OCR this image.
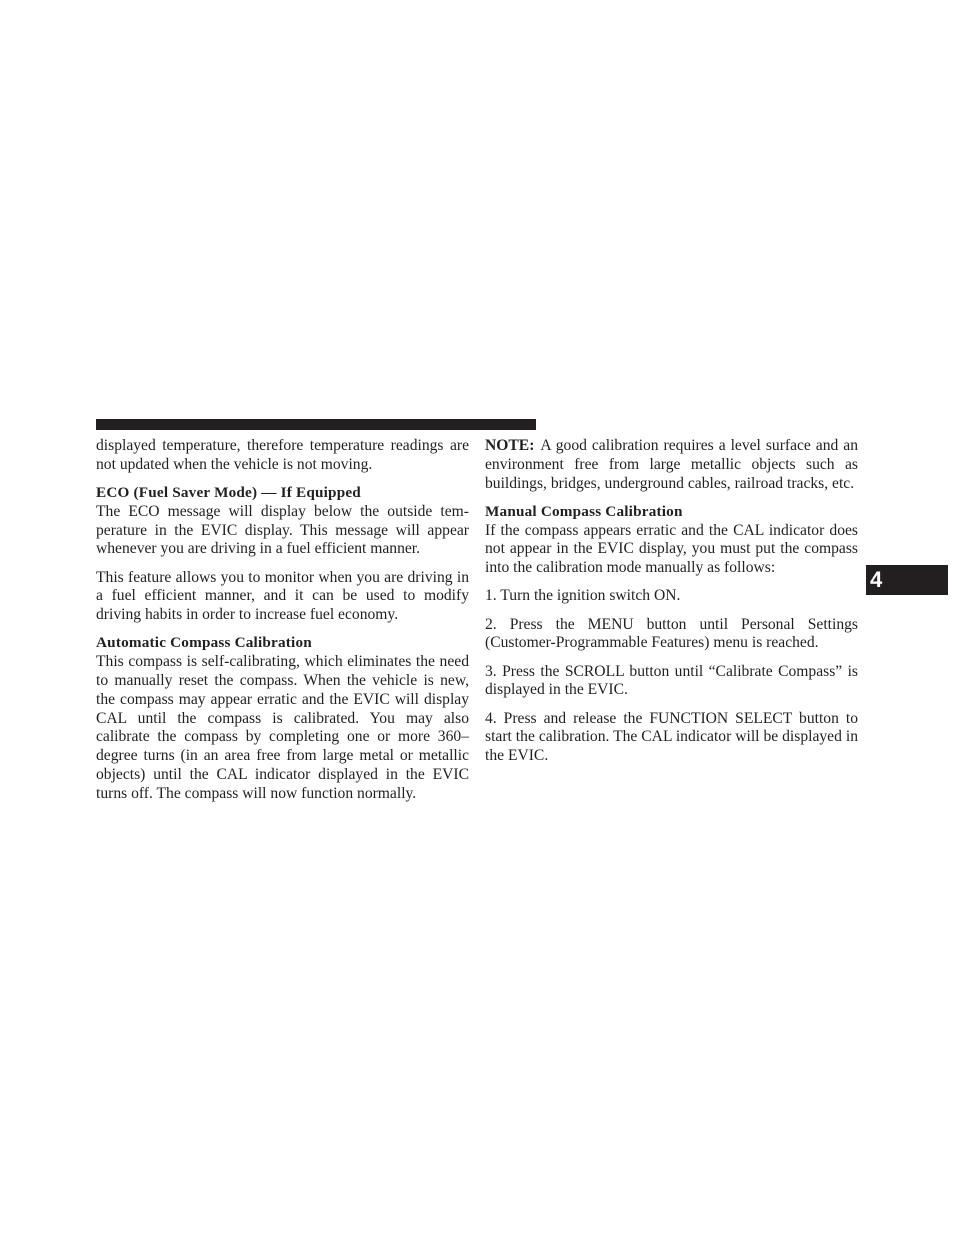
displayed temperature, therefore temperature readings are not updated when the vehicle is not moving.

ECO (Fuel Saver Mode) — If Equipped

The ECO message will display below the outside tem-perature in the EVIC display. This message will appear whenever you are driving in a fuel efficient manner.

This feature allows you to monitor when you are driving in a fuel efficient manner, and it can be used to modify driving habits in order to increase fuel economy.

Automatic Compass Calibration

This compass is self-calibrating, which eliminates the need to manually reset the compass. When the vehicle is new, the compass may appear erratic and the EVIC will display CAL until the compass is calibrated. You may also calibrate the compass by completing one or more 360–degree turns (in an area free from large metal or metallic objects) until the CAL indicator displayed in the EVIC turns off. The compass will now function normally.

NOTE: A good calibration requires a level surface and an environment free from large metallic objects such as buildings, bridges, underground cables, railroad tracks, etc.

Manual Compass Calibration

If the compass appears erratic and the CAL indicator does not appear in the EVIC display, you must put the compass into the calibration mode manually as follows:

1. Turn the ignition switch ON.

2. Press the MENU button until Personal Settings (Customer-Programmable Features) menu is reached.

3. Press the SCROLL button until “Calibrate Compass” is displayed in the EVIC.

4. Press and release the FUNCTION SELECT button to start the calibration. The CAL indicator will be displayed in the EVIC.

4
